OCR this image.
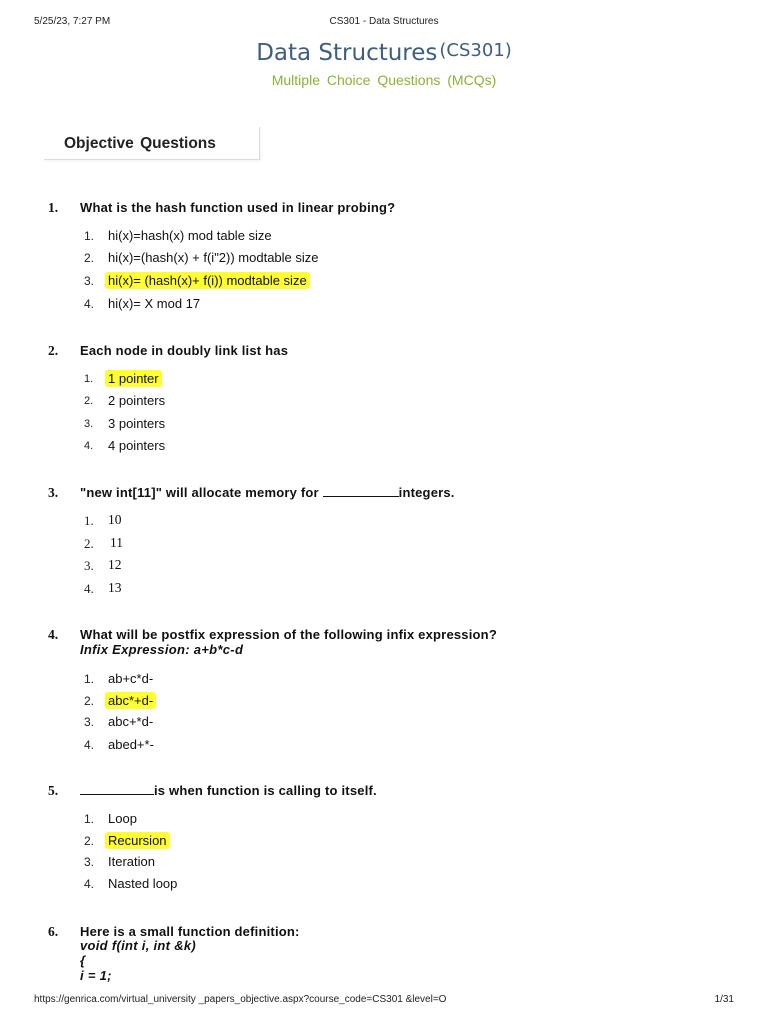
5/25/23, 7:27 PM	CS301 - Data Structures
Data Structures (CS301)
Multiple Choice Questions (MCQs)
Objective Questions
1. What is the hash function used in linear probing?
1. hi(x)=hash(x) mod table size
2. hi(x)=(hash(x) + f(i"2)) modtable size
3. hi(x)= (hash(x)+ f(i)) modtable size
4. hi(x)= X mod 17
2. Each node in doubly link list has
1. 1 pointer
2. 2 pointers
3. 3 pointers
4. 4 pointers
3. "new int[11]" will allocate memory for	integers.
1. 10
2. 11
3. 12
4. 13
4. What will be postfix expression of the following infix expression?
Infix Expression: a+b*c-d
1. ab+c*d-
2. abc*+d-
3. abc+*d-
4. abed+*-
5.	is when function is calling to itself.
1. Loop
2. Recursion
3. Iteration
4. Nasted loop
6. Here is a small function definition:
void f(int i, int &k)
{
i = 1;
https://genrica.com/virtual_university _papers_objective.aspx?course_code=CS301 &level=O	1/31
